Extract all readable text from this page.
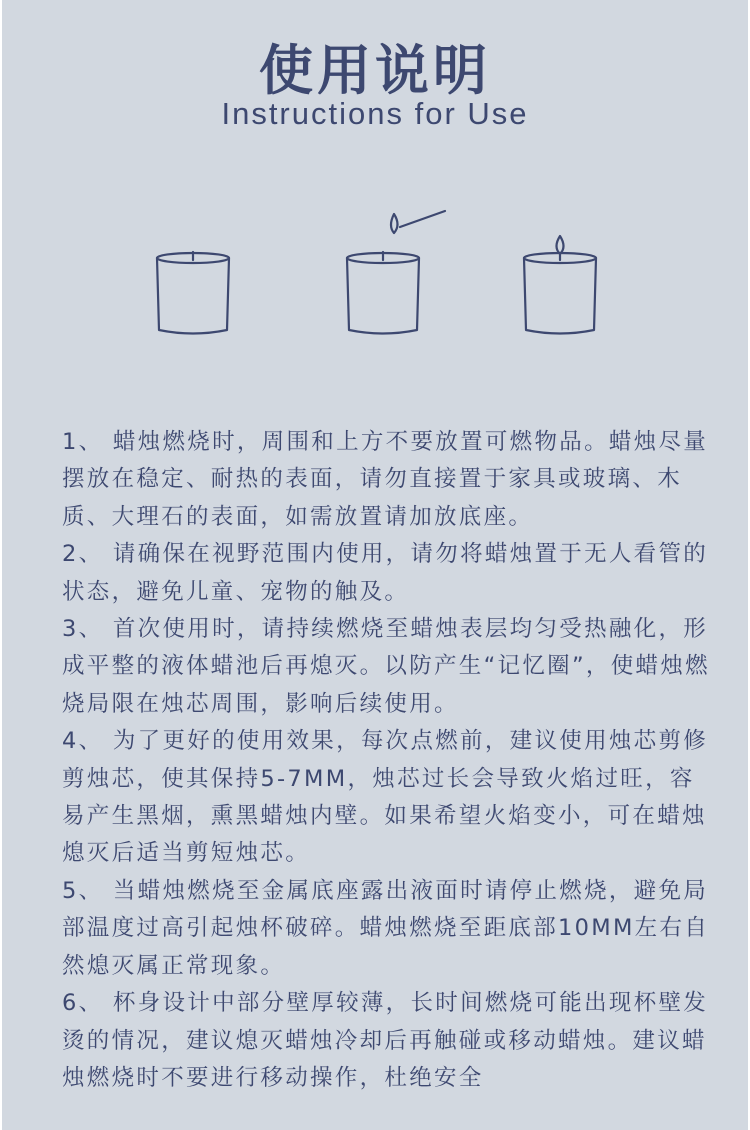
使用说明
Instructions for Use

1、 蜡烛燃烧时，周围和上方不要放置可燃物品。蜡烛尽量摆放在稳定、耐热的表面，请勿直接置于家具或玻璃、木质、大理石的表面，如需放置请加放底座。

2、 请确保在视野范围内使用，请勿将蜡烛置于无人看管的状态，避免儿童、宠物的触及。

3、 首次使用时，请持续燃烧至蜡烛表层均匀受热融化，形成平整的液体蜡池后再熄灭。以防产生“记忆圈”，使蜡烛燃烧局限在烛芯周围，影响后续使用。

4、 为了更好的使用效果，每次点燃前，建议使用烛芯剪修剪烛芯，使其保持5-7MM，烛芯过长会导致火焰过旺，容易产生黑烟，熏黑蜡烛内壁。如果希望火焰变小，可在蜡烛熄灭后适当剪短烛芯。

5、 当蜡烛燃烧至金属底座露出液面时请停止燃烧，避免局部温度过高引起烛杯破碎。蜡烛燃烧至距底部10MM左右自然熄灭属正常现象。

6、 杯身设计中部分壁厚较薄，长时间燃烧可能出现杯壁发烫的情况，建议熄灭蜡烛冷却后再触碰或移动蜡烛。建议蜡烛燃烧时不要进行移动操作，杜绝安全
